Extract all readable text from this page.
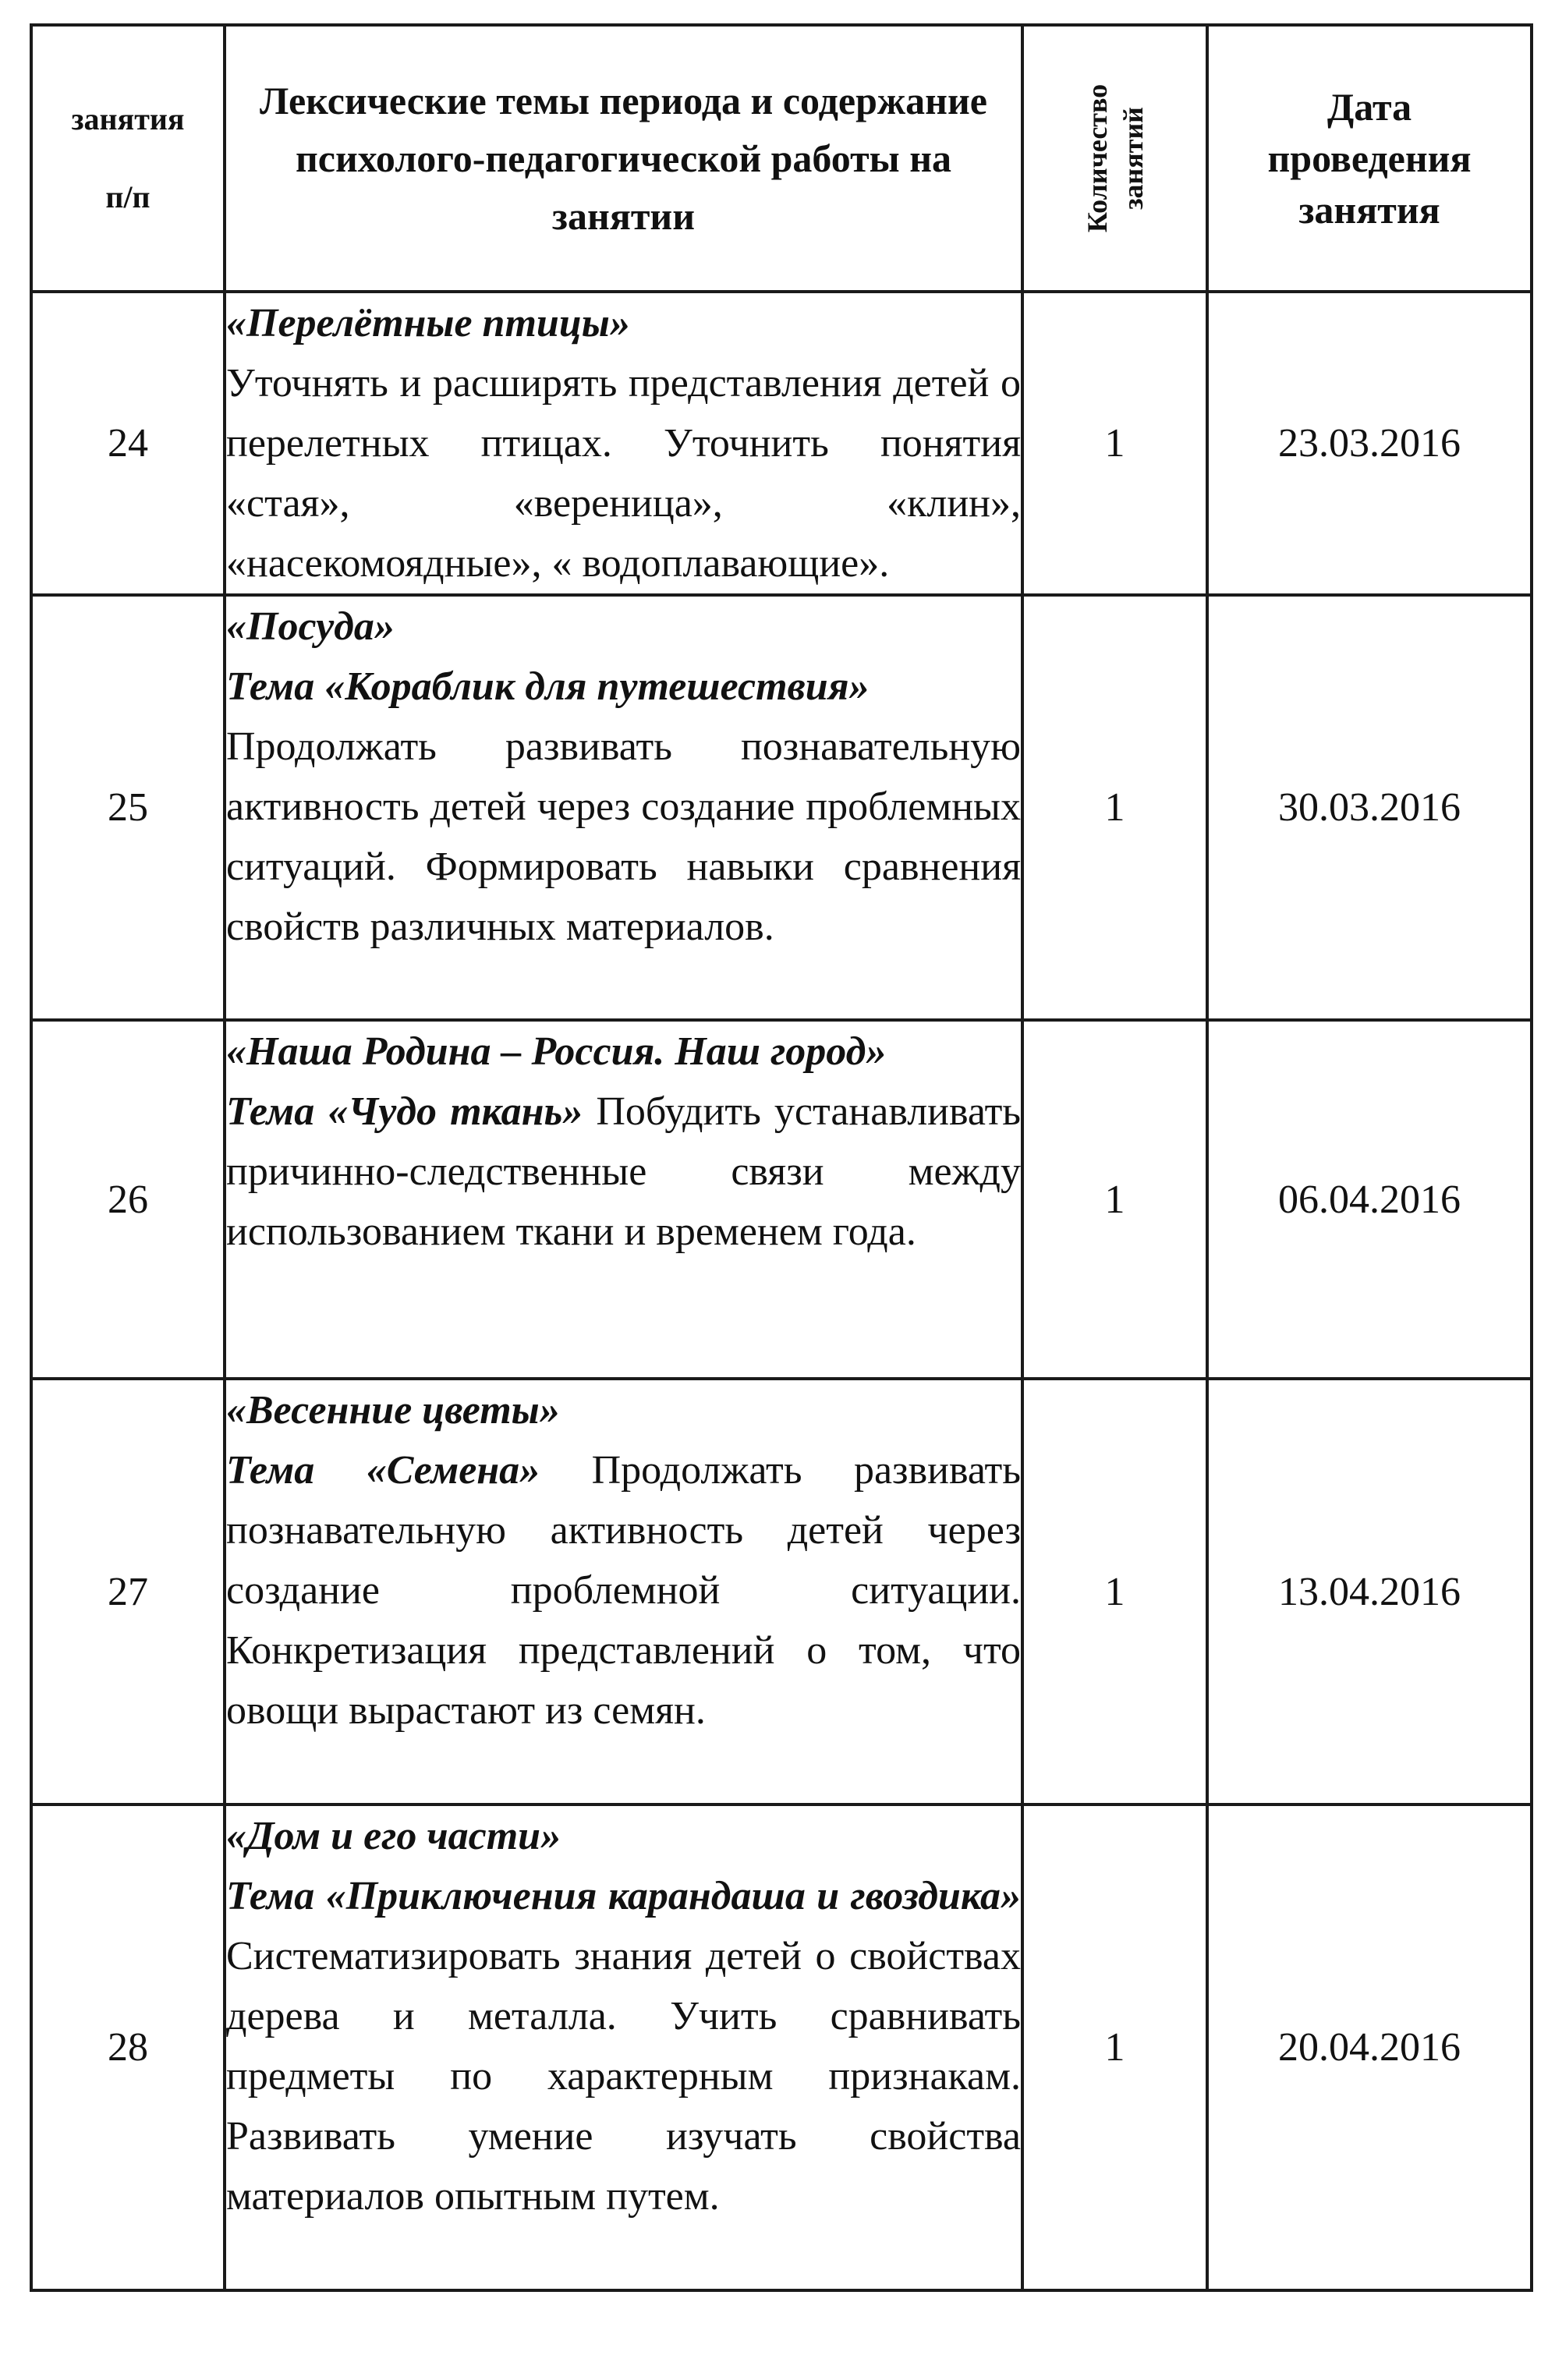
занятия
п/п	Лексические темы периода и содержание психолого-педагогической работы на занятии	Количество занятий	Дата
проведения
занятия

24	«Перелётные птицы»
Уточнять и расширять представления детей о перелетных птицах. Уточнить понятия «стая», «вереница», «клин», «насекомоядные», « водоплавающие».	1	23.03.2016
25	«Посуда»
Тема «Кораблик для путешествия»
Продолжать развивать познавательную активность детей через создание проблемных ситуаций. Формировать навыки сравнения свойств различных материалов.	1	30.03.2016
26	«Наша Родина – Россия. Наш город»
Тема «Чудо ткань» Побудить устанавливать причинно-следственные связи между использованием ткани и временем года.	1	06.04.2016
27	«Весенние цветы»
Тема «Семена» Продолжать развивать познавательную активность детей через создание проблемной ситуации. Конкретизация представлений о том, что овощи вырастают из семян.	1	13.04.2016
28	«Дом и его части»
Тема «Приключения карандаша и гвоздика» Систематизировать знания детей о свойствах дерева и металла. Учить сравнивать предметы по характерным признакам. Развивать умение изучать свойства материалов опытным путем.	1	20.04.2016
